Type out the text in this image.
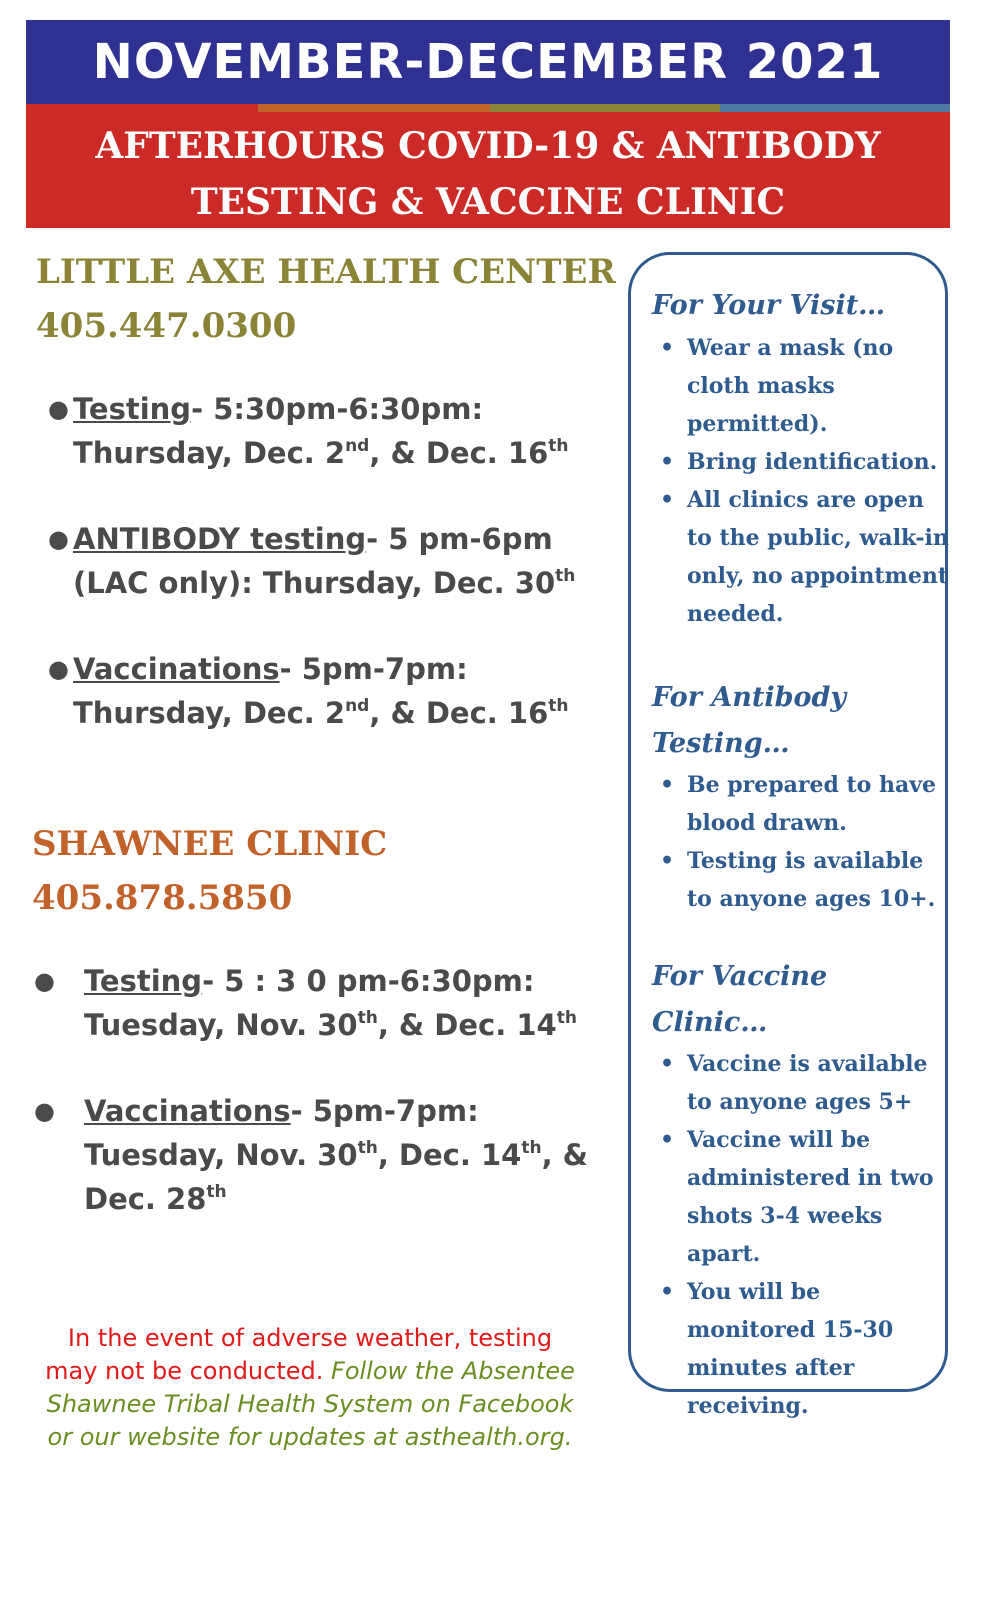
NOVEMBER-DECEMBER 2021
AFTERHOURS COVID-19 & ANTIBODY
TESTING & VACCINE CLINIC
LITTLE AXE HEALTH CENTER
405.447.0300
● Testing- 5:30pm-6:30pm:
Thursday, Dec. 2nd, & Dec. 16th
● ANTIBODY testing- 5 pm-6pm
(LAC only): Thursday, Dec. 30th
● Vaccinations- 5pm-7pm:
Thursday, Dec. 2nd, & Dec. 16th
SHAWNEE CLINIC
405.878.5850
● Testing- 5 : 3 0 pm-6:30pm:
Tuesday, Nov. 30th, & Dec. 14th
● Vaccinations- 5pm-7pm:
Tuesday, Nov. 30th, Dec. 14th, &
Dec. 28th
In the event of adverse weather, testing may not be conducted. Follow the Absentee Shawnee Tribal Health System on Facebook or our website for updates at asthealth.org.
For Your Visit…
• Wear a mask (no cloth masks permitted).
• Bring identification.
• All clinics are open to the public, walk-in only, no appointment needed.
For Antibody Testing…
• Be prepared to have blood drawn.
• Testing is available to anyone ages 10+.
For Vaccine Clinic…
• Vaccine is available to anyone ages 5+
• Vaccine will be administered in two shots 3-4 weeks apart.
• You will be monitored 15-30 minutes after receiving.
